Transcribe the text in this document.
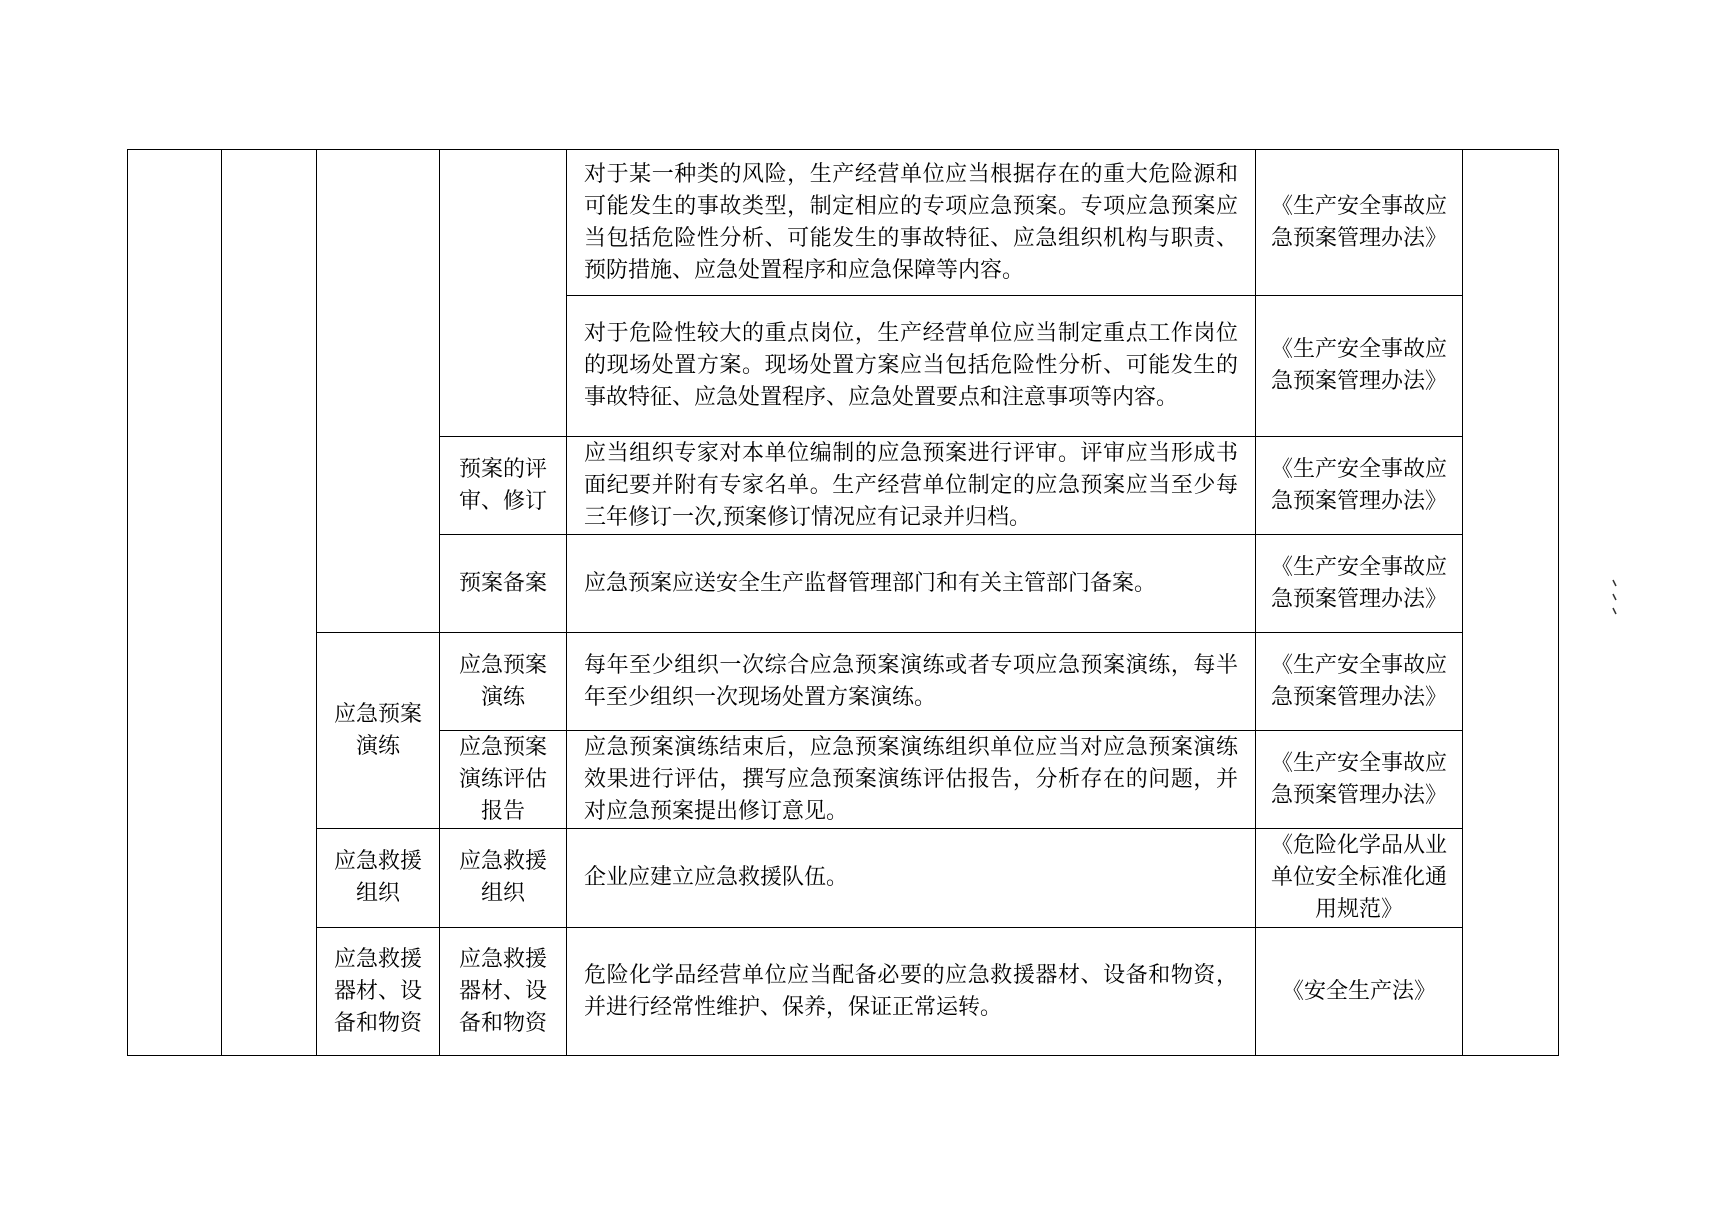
				对于某一种类的风险，生产经营单位应当根据存在的重大危险源和可能发生的事故类型，制定相应的专项应急预案。专项应急预案应当包括危险性分析、可能发生的事故特征、应急组织机构与职责、预防措施、应急处置程序和应急保障等内容。	《生产安全事故应急预案管理办法》	
				对于危险性较大的重点岗位，生产经营单位应当制定重点工作岗位的现场处置方案。现场处置方案应当包括危险性分析、可能发生的事故特征、应急处置程序、应急处置要点和注意事项等内容。	《生产安全事故应急预案管理办法》	
			预案的评审、修订	应当组织专家对本单位编制的应急预案进行评审。评审应当形成书面纪要并附有专家名单。生产经营单位制定的应急预案应当至少每三年修订一次,预案修订情况应有记录并归档。	《生产安全事故应急预案管理办法》	
			预案备案	应急预案应送安全生产监督管理部门和有关主管部门备案。	《生产安全事故应急预案管理办法》	
		应急预案演练	应急预案演练	每年至少组织一次综合应急预案演练或者专项应急预案演练，每半年至少组织一次现场处置方案演练。	《生产安全事故应急预案管理办法》	
			应急预案演练评估报告	应急预案演练结束后，应急预案演练组织单位应当对应急预案演练效果进行评估，撰写应急预案演练评估报告，分析存在的问题，并对应急预案提出修订意见。	《生产安全事故应急预案管理办法》	
		应急救援组织	应急救援组织	企业应建立应急救援队伍。	《危险化学品从业单位安全标准化通用规范》	
		应急救援器材、设备和物资	应急救援器材、设备和物资	危险化学品经营单位应当配备必要的应急救援器材、设备和物资，并进行经常性维护、保养，保证正常运转。	《安全生产法》	
